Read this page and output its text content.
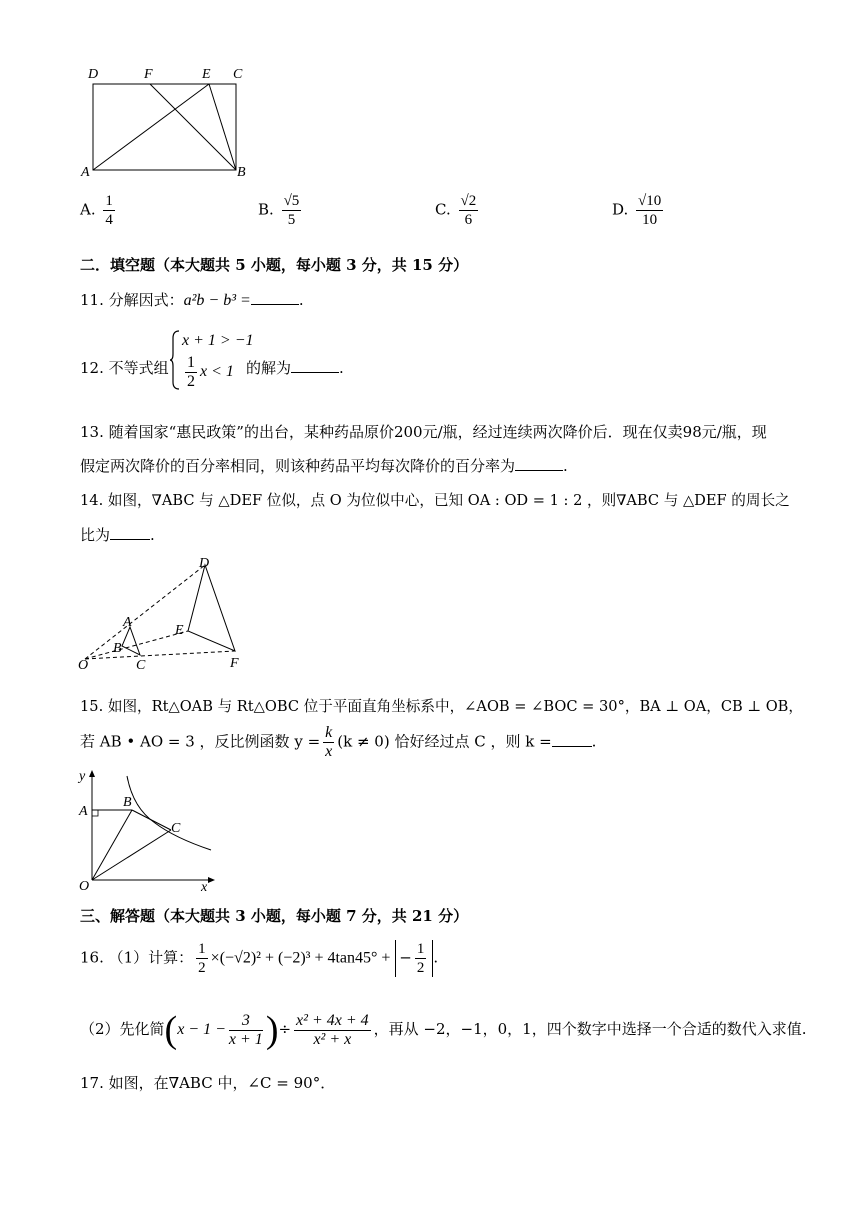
D	F	E C
A	B
A. $\frac{1}{4}$	B. $\frac{√5}{5}$	C. $\frac{√2}{6}$	D. $\frac{√10}{10}$
二．填空题（本大题共 5 小题，每小题 3 分，共 15 分）
11. 分解因式：a²b − b³ =	.
12. 不等式组
x + 1 > −1
$\frac{1}{2}$ x < 1 的解为	.
13. 随着国家“惠民政策”的出台，某种药品原价200元/瓶，经过连续两次降价后．现在仅卖98元/瓶，现
假定两次降价的百分率相同，则该种药品平均每次降价的百分率为	.
14. 如图，∇ABC 与 △DEF 位似，点 O 为位似中心，已知 OA : OD = 1 : 2 ，则∇ABC 与 △DEF 的周长之
比为	.
D
A
E
B
O	C	F
15. 如图，Rt△OAB 与 Rt△OBC 位于平面直角坐标系中，∠AOB = ∠BOC = 30°，BA ⊥ OA，CB ⊥ OB，
若 AB • AO = 3 ，反比例函数 $y = \frac{k}{x} (k \ne 0)$ 恰好经过点 C ，则 k =	.
y
A
B
C
O	x
三、解答题（本大题共 3 小题，每小题 7 分，共 21 分）
16. （1）计算： $\frac{1}{2} \times(-√2)^2 + (-2)^3 + 4\tan 45^\circ$ + − $\frac{1}{2}$ .
（2）先化简($x - 1 - \frac{3}{x + 1}$ )÷ $\frac{\text{x² + 4x + 4}}{\text{x² + x}}$ ，再从 −2，−1，0，1，四个数字中选择一个合适的数代入求值.
17. 如图，在∇ABC 中，∠C = 90°．
